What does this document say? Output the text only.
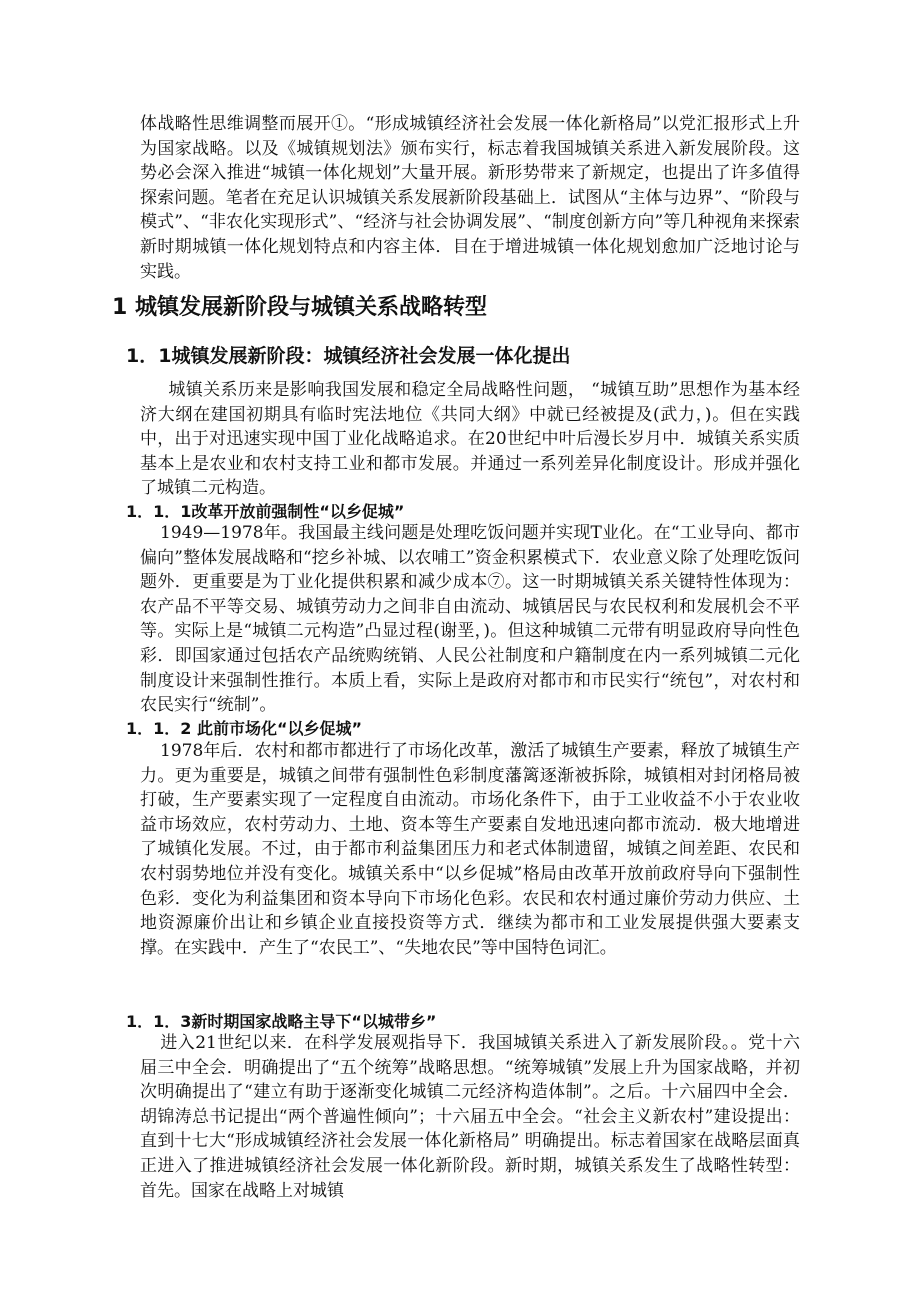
体战略性思维调整而展开①。“形成城镇经济社会发展一体化新格局”以党汇报形式上升为国家战略。以及《城镇规划法》颁布实行，标志着我国城镇关系进入新发展阶段。这势必会深入推进“城镇一体化规划”大量开展。新形势带来了新规定，也提出了许多值得探索问题。笔者在充足认识城镇关系发展新阶段基础上．试图从“主体与边界”、“阶段与模式”、“非农化实现形式”、“经济与社会协调发展”、“制度创新方向”等几种视角来探索新时期城镇一体化规划特点和内容主体．目在于增进城镇一体化规划愈加广泛地讨论与实践。

1 城镇发展新阶段与城镇关系战略转型
1．1城镇发展新阶段：城镇经济社会发展一体化提出

城镇关系历来是影响我国发展和稳定全局战略性问题， “城镇互助”思想作为基本经济大纲在建国初期具有临时宪法地位《共同大纲》中就已经被提及(武力，)。但在实践中，出于对迅速实现中国丁业化战略追求。在20世纪中叶后漫长岁月中．城镇关系实质基本上是农业和农村支持工业和都市发展。并通过一系列差异化制度设计。形成并强化了城镇二元构造。

1．1．1改革开放前强制性“以乡促城”

1949—1978年。我国最主线问题是处理吃饭问题并实现T业化。在“工业导向、都市偏向”整体发展战略和“挖乡补城、以农哺工”资金积累模式下．农业意义除了处理吃饭问题外．更重要是为丁业化提供积累和减少成本⑦。这一时期城镇关系关键特性体现为：农产品不平等交易、城镇劳动力之间非自由流动、城镇居民与农民权利和发展机会不平等。实际上是“城镇二元构造”凸显过程(谢垩，)。但这种城镇二元带有明显政府导向性色彩．即国家通过包括农产品统购统销、人民公社制度和户籍制度在内一系列城镇二元化制度设计来强制性推行。本质上看，实际上是政府对都市和市民实行“统包”，对农村和农民实行“统制”。

1．1．2 此前市场化“以乡促城”

1978年后．农村和都市都进行了市场化改革，激活了城镇生产要素，释放了城镇生产力。更为重要是，城镇之间带有强制性色彩制度藩篱逐渐被拆除，城镇相对封闭格局被打破，生产要素实现了一定程度自由流动。市场化条件下，由于工业收益不小于农业收益市场效应，农村劳动力、土地、资本等生产要素自发地迅速向都市流动．极大地增进了城镇化发展。不过，由于都市利益集团压力和老式体制遗留，城镇之间差距、农民和农村弱势地位并没有变化。城镇关系中“以乡促城”格局由改革开放前政府导向下强制性色彩．变化为利益集团和资本导向下市场化色彩。农民和农村通过廉价劳动力供应、土地资源廉价出让和乡镇企业直接投资等方式．继续为都市和工业发展提供强大要素支撑。在实践中．产生了“农民工”、“失地农民”等中国特色词汇。

1．1．3新时期国家战略主导下“以城带乡”

进入21世纪以来．在科学发展观指导下．我国城镇关系进入了新发展阶段。。党十六届三中全会．明确提出了“五个统筹”战略思想。“统筹城镇”发展上升为国家战略，并初次明确提出了“建立有助于逐渐变化城镇二元经济构造体制”。之后。十六届四中全会．胡锦涛总书记提出“两个普遍性倾向”；十六届五中全会。“社会主义新农村”建设提出：直到十七大“形成城镇经济社会发展一体化新格局” 明确提出。标志着国家在战略层面真正进入了推进城镇经济社会发展一体化新阶段。新时期，城镇关系发生了战略性转型：首先。国家在战略上对城镇
